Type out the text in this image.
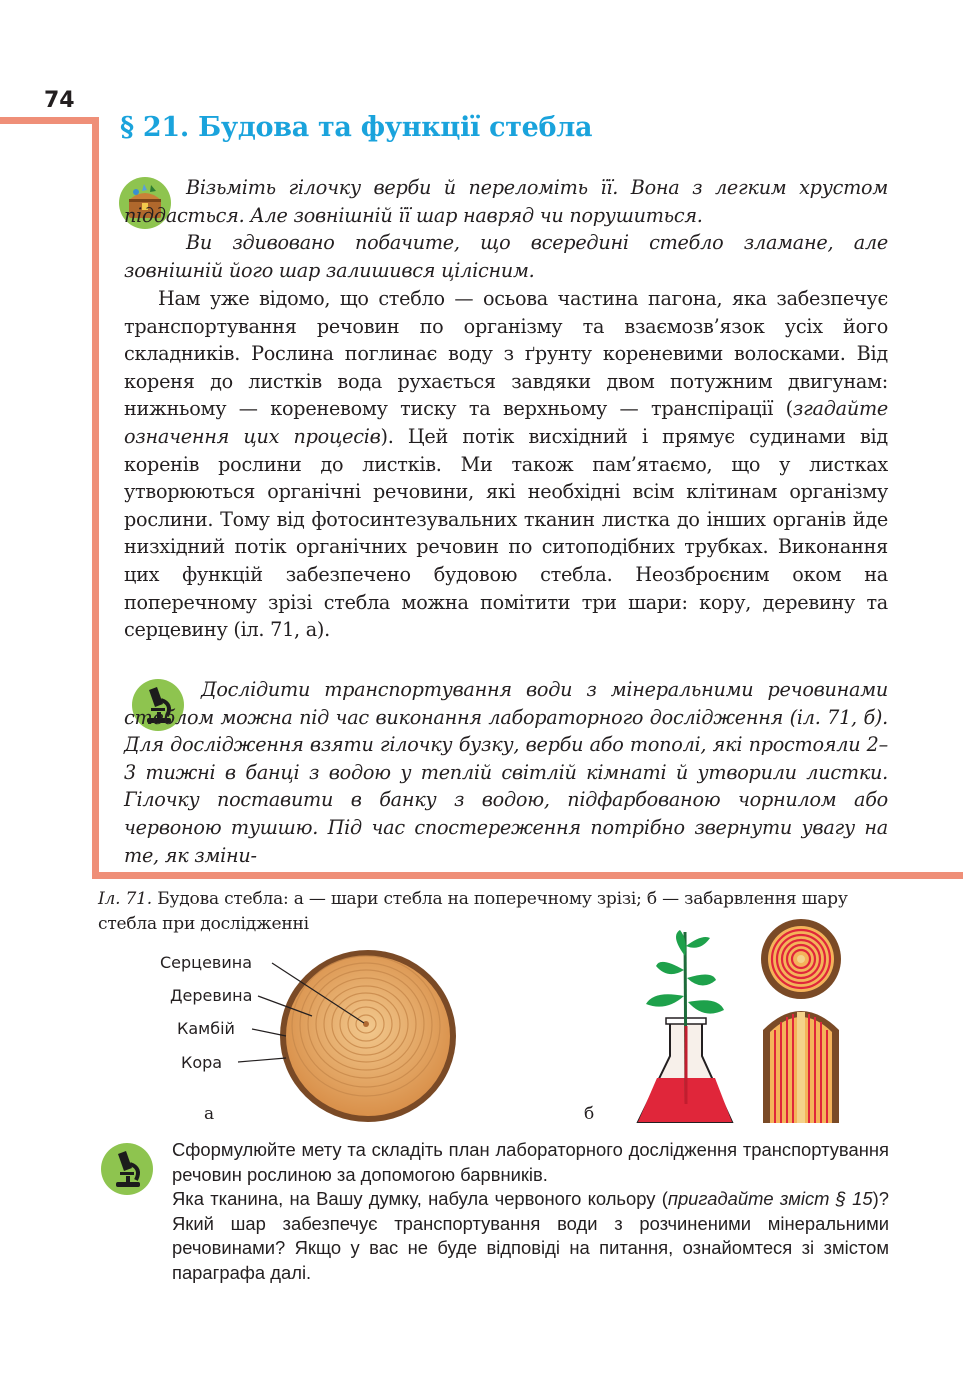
74
§ 21. Будова та функції стебла

Візьміть гілочку верби й переломіть її. Вона з легким хрустом піддасться. Але зовнішній її шар навряд чи порушиться.

Ви здивовано побачите, що всередині стебло зламане, але зовнішній його шар залишився цілісним.

Нам уже відомо, що стебло — осьова частина пагона, яка забезпечує транспортування речовин по організму та взаємозв’язок усіх його складників. Рослина поглинає воду з ґрунту кореневими волосками. Від кореня до листків вода рухається завдяки двом потужним двигунам: нижньому — кореневому тиску та верхньому — транспірації (згадайте означення цих процесів). Цей потік висхідний і прямує судинами від коренів рослини до листків. Ми також пам’ятаємо, що у листках утворюються органічні речовини, які необхідні всім клітинам організму рослини. Тому від фотосинтезувальних тканин листка до інших органів йде низхідний потік органічних речовин по ситоподібних трубках. Виконання цих функцій забезпечено будовою стебла. Неозброєним оком на поперечному зрізі стебла можна помітити три шари: кору, деревину та серцевину (іл. 71, а).

Дослідити транспортування води з мінеральними речовинами стеблом можна під час виконання лабораторного дослідження (іл. 71, б). Для дослідження взяти гілочку бузку, верби або тополі, які простояли 2–3 тижні в банці з водою у теплій світлій кімнаті й утворили листки. Гілочку поставити в банку з водою, підфарбованою чорнилом або червоною тушшю. Під час спостереження потрібно звернути увагу на те, як зміни-

Іл. 71. Будова стебла: а — шари стебла на поперечному зрізі; б — забарвлення шару стебла при дослідженні
Серцевина
Деревина
Камбій
Кора
а	б

Сформулюйте мету та складіть план лабораторного дослідження транспортування речовин рослиною за допомогою барвників.

Яка тканина, на Вашу думку, набула червоного кольору (пригадайте зміст § 15)? Який шар забезпечує транспортування води з розчиненими мінеральними речовинами? Якщо у вас не буде відповіді на питання, ознайомтеся зі змістом параграфа далі.
